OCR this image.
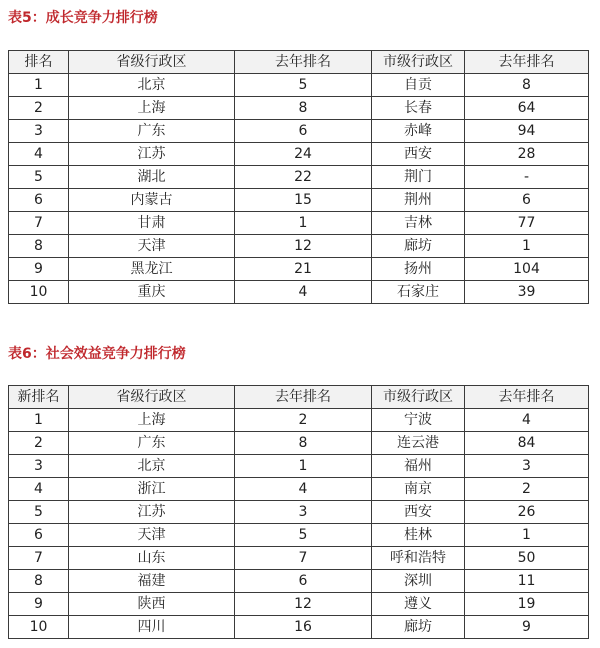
表5：成长竞争力排行榜
排名	省级行政区	去年排名	市级行政区	去年排名
1	北京	5	自贡	8
2	上海	8	长春	64
3	广东	6	赤峰	94
4	江苏	24	西安	28
5	湖北	22	荆门	-
6	内蒙古	15	荆州	6
7	甘肃	1	吉林	77
8	天津	12	廊坊	1
9	黑龙江	21	扬州	104
10	重庆	4	石家庄	39
表6：社会效益竞争力排行榜
新排名	省级行政区	去年排名	市级行政区	去年排名
1	上海	2	宁波	4
2	广东	8	连云港	84
3	北京	1	福州	3
4	浙江	4	南京	2
5	江苏	3	西安	26
6	天津	5	桂林	1
7	山东	7	呼和浩特	50
8	福建	6	深圳	11
9	陕西	12	遵义	19
10	四川	16	廊坊	9
